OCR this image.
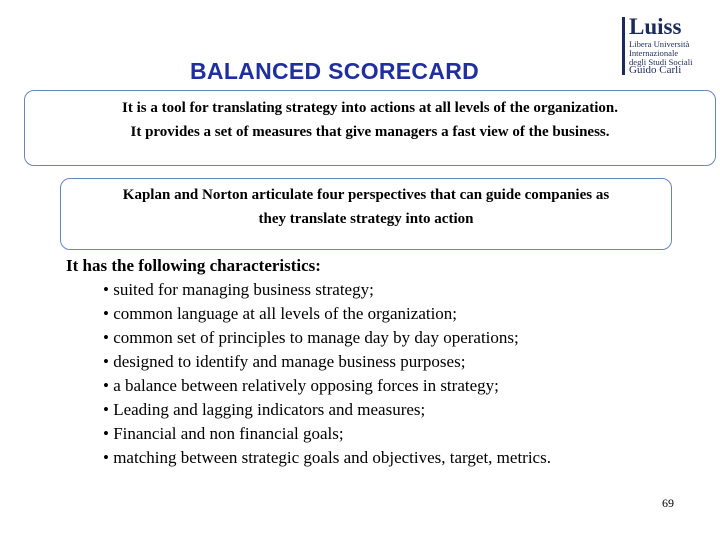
BALANCED SCORECARD
Luiss
Libera Università
Internazionale
degli Studi Sociali
Guido Carli
It is a tool for translating strategy into actions at all levels of the organization.
It provides a set of measures that give managers a fast view of the business.
Kaplan and Norton articulate four perspectives that can guide companies as
they translate strategy into action
It has the following characteristics:
• suited for managing business strategy;
• common language at all levels of the organization;
• common set of principles to manage day by day operations;
• designed to identify and manage business purposes;
• a balance between relatively opposing forces in strategy;
• Leading and lagging indicators and measures;
• Financial and non financial goals;
• matching between strategic goals and objectives, target, metrics.
69
